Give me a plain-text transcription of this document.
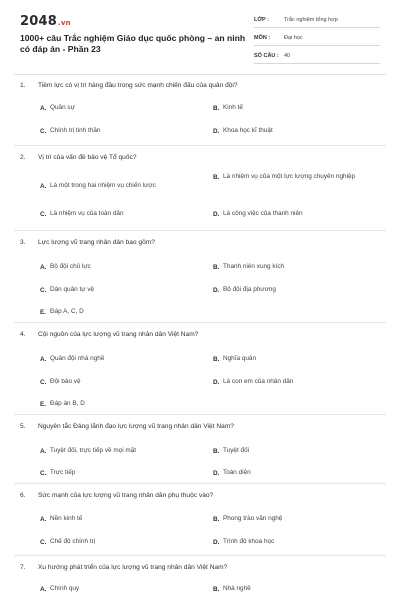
2048.vn
1000+ câu Trắc nghiệm Giáo dục quốc phòng – an ninh có đáp án - Phần 23
LỚP :	Trắc nghiệm tổng hợp
MÔN :	Đại học
SỐ CÂU : 40
1. Tiềm lực có vị trí hàng đầu trong sức mạnh chiến đấu của quân đội?
A. Quân sự	B. Kinh tế
C. Chính trị tinh thần	D. Khoa học kĩ thuật
2. Vị trí của vấn đề bảo vệ Tổ quốc?
A. Là một trong hai nhiệm vụ chiến lược
B. Là nhiệm vụ của một lực lượng chuyên nghiệp
C. Là nhiệm vụ của toàn dân	D. Là công việc của thanh niên
3. Lực lượng vũ trang nhân dân bao gồm?
A. Bộ đội chủ lực	B. Thanh niên xung kích
C. Dân quân tự vệ	D. Bộ đội địa phương
E. Đáp A, C, D
4. Cội nguồn của lực lượng vũ trang nhân dân Việt Nam?
A. Quân đội nhà nghề	B. Nghĩa quân
C. Đội bảo vệ	D. Là con em của nhân dân
E. Đáp án B, D
5. Nguyên tắc Đảng lãnh đạo lực lượng vũ trang nhân dân Việt Nam?
A. Tuyệt đối, trực tiếp về mọi mặt	B. Tuyệt đối
C. Trực tiếp	D. Toàn diện
6. Sức mạnh của lực lượng vũ trang nhân dân phụ thuộc vào?
A. Nền kinh tế	B. Phong trào văn nghệ
C. Chế độ chính trị	D. Trình độ khoa học
7. Xu hướng phát triển của lực lượng vũ trang nhân dân Việt Nam?
A. Chính quy	B. Nhà nghề
